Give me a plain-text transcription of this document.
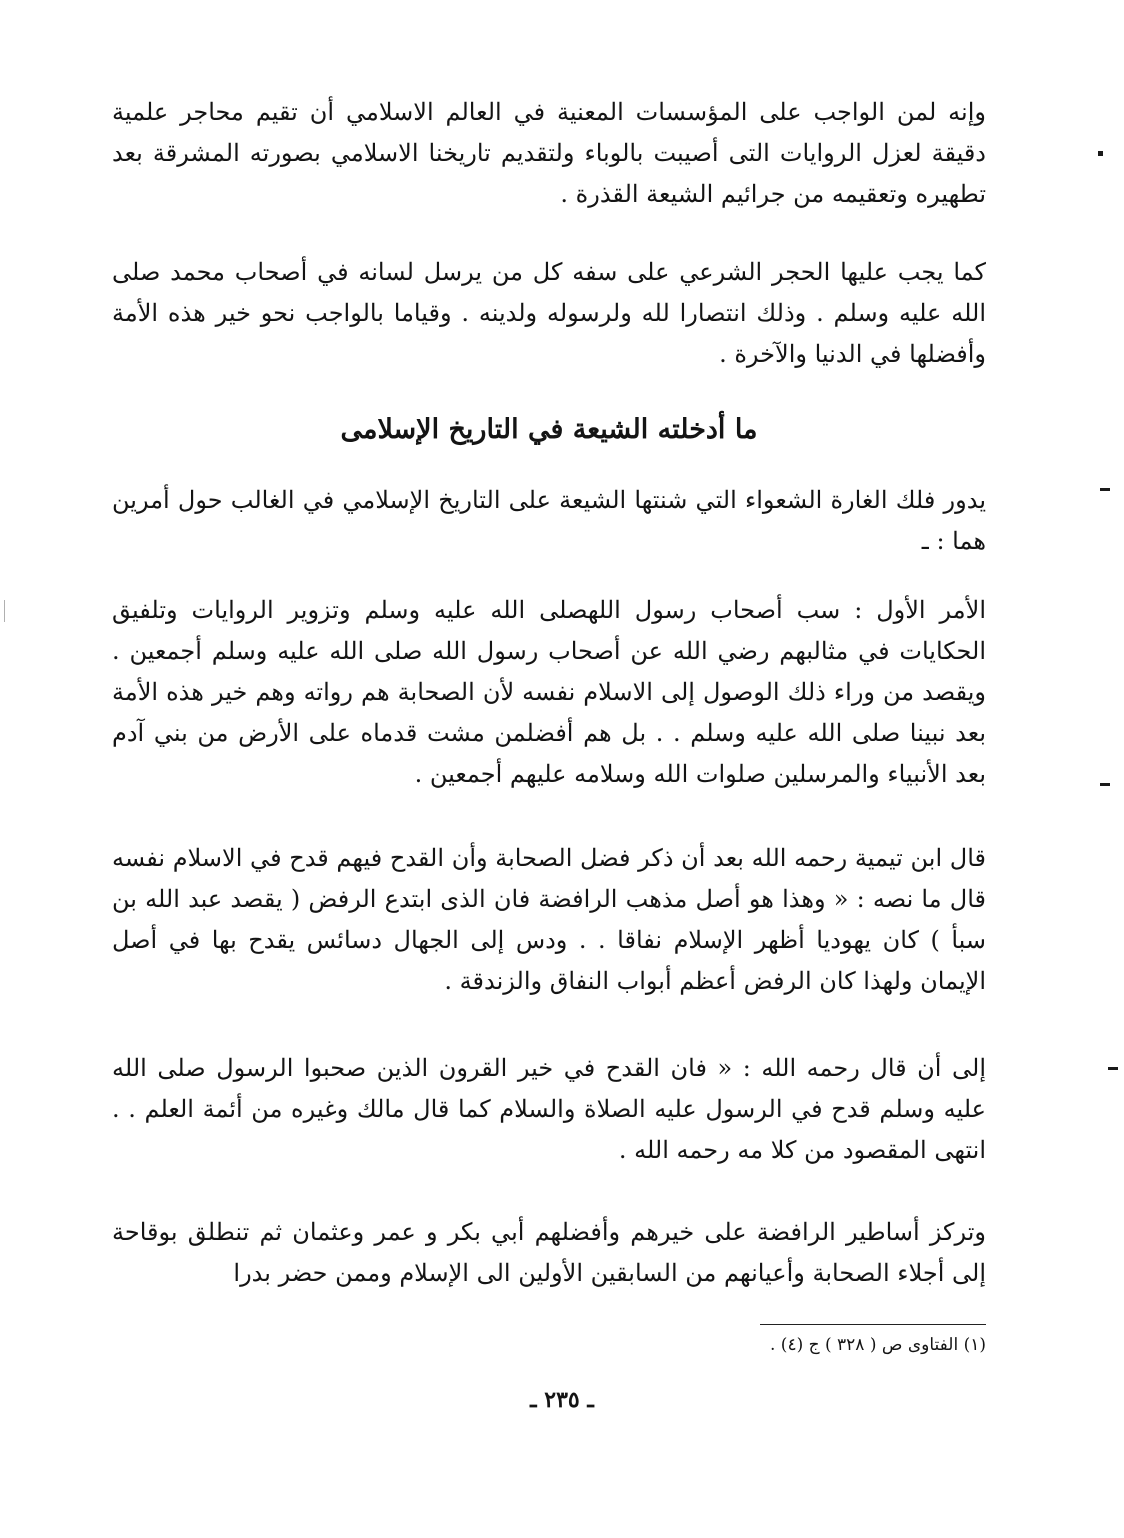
وإنه لمن الواجب على المؤسسات المعنية في العالم الاسلامي أن تقيم محاجر علمية دقيقة لعزل الروايات التى أصيبت بالوباء ولتقديم تاريخنا الاسلامي بصورته المشرقة بعد تطهيره وتعقيمه من جرائيم الشيعة القذرة .

كما يجب عليها الحجر الشرعي على سفه كل من يرسل لسانه في أصحاب محمد صلى الله عليه وسلم . وذلك انتصارا لله ولرسوله ولدينه . وقياما بالواجب نحو خير هذه الأمة وأفضلها في الدنيا والآخرة .

ما أدخلته الشيعة في التاريخ الإسلامى

يدور فلك الغارة الشعواء التي شنتها الشيعة على التاريخ الإسلامي في الغالب حول أمرين هما : ـ

الأمر الأول : سب أصحاب رسول اللهصلى الله عليه وسلم وتزوير الروايات وتلفيق الحكايات في مثالبهم رضي الله عن أصحاب رسول الله صلى الله عليه وسلم أجمعين . ويقصد من وراء ذلك الوصول إلى الاسلام نفسه لأن الصحابة هم رواته وهم خير هذه الأمة بعد نبينا صلى الله عليه وسلم . . بل هم أفضلمن مشت قدماه على الأرض من بني آدم بعد الأنبياء والمرسلين صلوات الله وسلامه عليهم أجمعين .

قال ابن تيمية رحمه الله بعد أن ذكر فضل الصحابة وأن القدح فيهم قدح في الاسلام نفسه قال ما نصه : « وهذا هو أصل مذهب الرافضة فان الذى ابتدع الرفض ( يقصد عبد الله بن سبأ ) كان يهوديا أظهر الإسلام نفاقا . . ودس إلى الجهال دسائس يقدح بها في أصل الإيمان ولهذا كان الرفض أعظم أبواب النفاق والزندقة .

إلى أن قال رحمه الله : « فان القدح في خير القرون الذين صحبوا الرسول صلى الله عليه وسلم قدح في الرسول عليه الصلاة والسلام كما قال مالك وغيره من أئمة العلم . . انتهى المقصود من كلا مه رحمه الله .

وتركز أساطير الرافضة على خيرهم وأفضلهم أبي بكر و عمر وعثمان ثم تنطلق بوقاحة إلى أجلاء الصحابة وأعيانهم من السابقين الأولين الى الإسلام وممن حضر بدرا

(١) الفتاوى ص ( ٣٢٨ ) ج (٤) .

ـ ٢٣٥ ـ
